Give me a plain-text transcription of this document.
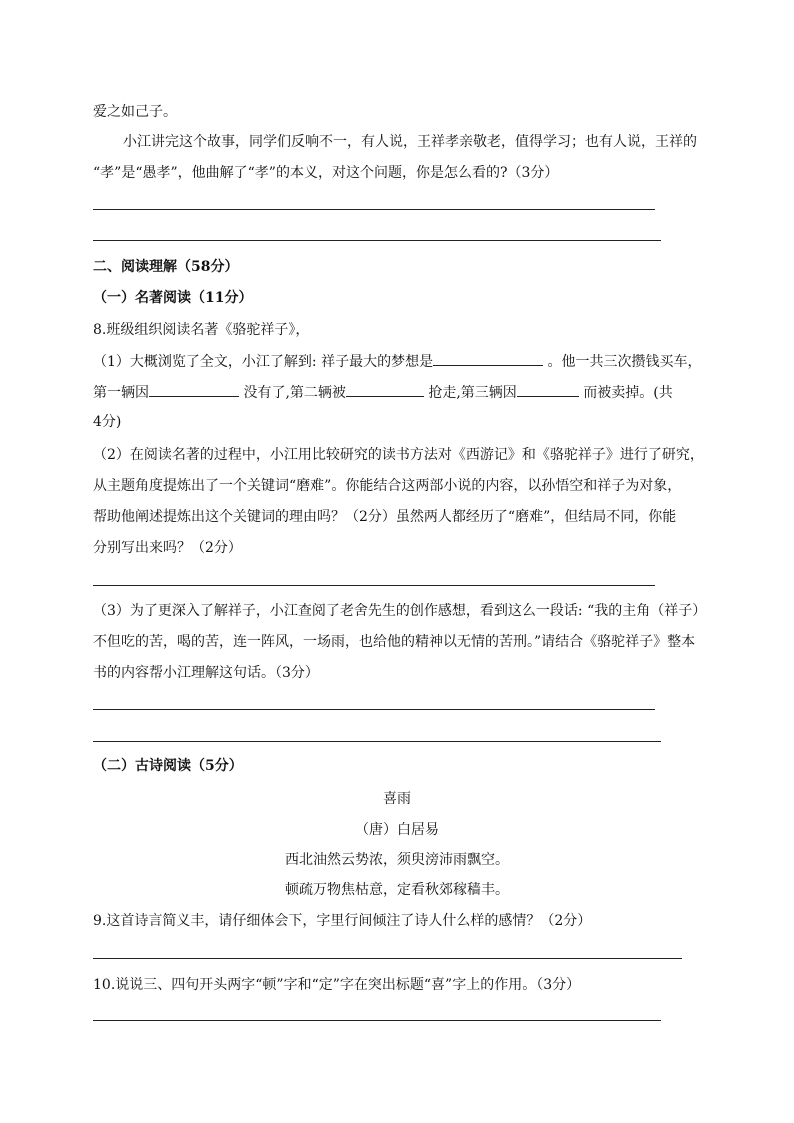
爱之如己子。
小江讲完这个故事，同学们反响不一，有人说，王祥孝亲敬老，值得学习；也有人说，王祥的
“孝”是“愚孝”，他曲解了“孝”的本义，对这个问题，你是怎么看的?（3分）
二、阅读理解（58分）
（一）名著阅读（11分）
8.班级组织阅读名著《骆驼祥子》，
（1）大概浏览了全文，小江了解到: 祥子最大的梦想是	。他一共三次攒钱买车，
第一辆因	没有了,第二辆被	抢走,第三辆因	而被卖掉。(共
4分)
（2）在阅读名著的过程中，小江用比较研究的读书方法对《西游记》和《骆驼祥子》进行了研究，
从主题角度提炼出了一个关键词“磨难”。你能结合这两部小说的内容，以孙悟空和祥子为对象，
帮助他阐述提炼出这个关键词的理由吗？（2分）虽然两人都经历了“磨难”，但结局不同，你能
分别写出来吗？（2分）
（3）为了更深入了解祥子，小江查阅了老舍先生的创作感想，看到这么一段话: “我的主角（祥子）
不但吃的苦，喝的苦，连一阵风，一场雨，也给他的精神以无情的苦刑。”请结合《骆驼祥子》整本
书的内容帮小江理解这句话。（3分）
（二）古诗阅读（5分）
喜雨
（唐）白居易
西北油然云势浓，须臾滂沛雨飘空。
顿疏万物焦枯意，定看秋郊稼穑丰。
9.这首诗言简义丰，请仔细体会下，字里行间倾注了诗人什么样的感情？（2分）
10.说说三、四句开头两字“顿”字和“定”字在突出标题“喜”字上的作用。（3分）
